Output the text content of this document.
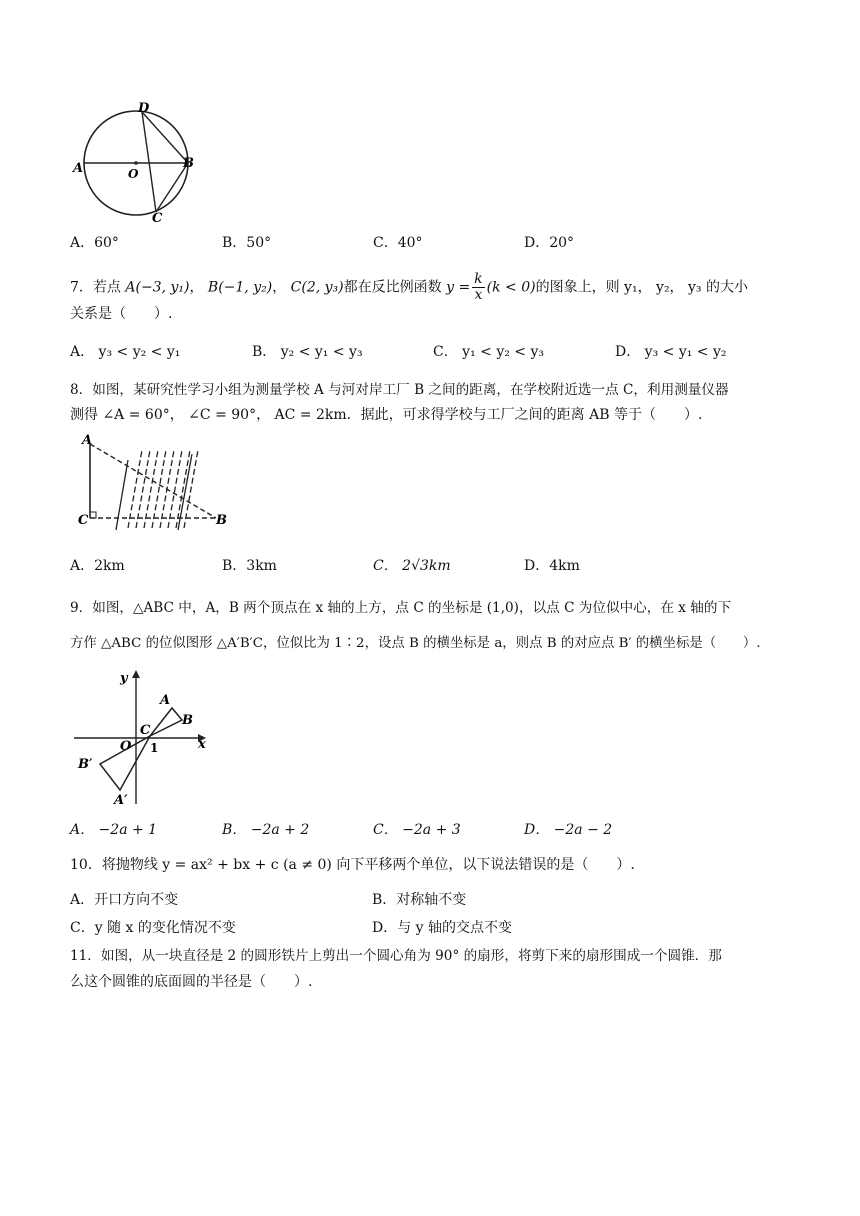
A	O
B
C
D
A．60°	B．50°	C．40°	D．20°
7．若点 A(−3, y₁)， B(−1, y₂)， C(2, y₃)都在反比例函数 $y = \frac{k}{x} (k < 0)$的图象上，则 y₁， y₂， y₃ 的大小
关系是（　　）.
A． y₃ < y₂ < y₁	B． y₂ < y₁ < y₃	C． y₁ < y₂ < y₃	D． y₃ < y₁ < y₂
8．如图，某研究性学习小组为测量学校 A 与河对岸工厂 B 之间的距离，在学校附近选一点 C，利用测量仪器
测得 ∠A = 60°， ∠C = 90°， AC = 2km．据此，可求得学校与工厂之间的距离 AB 等于（　　）.
A
C	B
A．2km	B．3km	C． 2√3km	D．4km
9．如图，△ABC 中，A，B 两个顶点在 x 轴的上方，点 C 的坐标是 (1,0)，以点 C 为位似中心，在 x 轴的下
方作 △ABC 的位似图形 △A′B′C，位似比为 1∶2，设点 B 的横坐标是 a，则点 B 的对应点 B′ 的横坐标是（　　）.
y
x
O
C
1
A
B
A′
B′
A． −2a + 1	B． −2a + 2	C． −2a + 3	D． −2a − 2
10．将抛物线 y = ax² + bx + c (a ≠ 0) 向下平移两个单位，以下说法错误的是（　　）.
A．开口方向不变	B．对称轴不变
C．y 随 x 的变化情况不变	D．与 y 轴的交点不变
11．如图，从一块直径是 2 的圆形铁片上剪出一个圆心角为 90° 的扇形，将剪下来的扇形围成一个圆锥．那
么这个圆锥的底面圆的半径是（　　）.
